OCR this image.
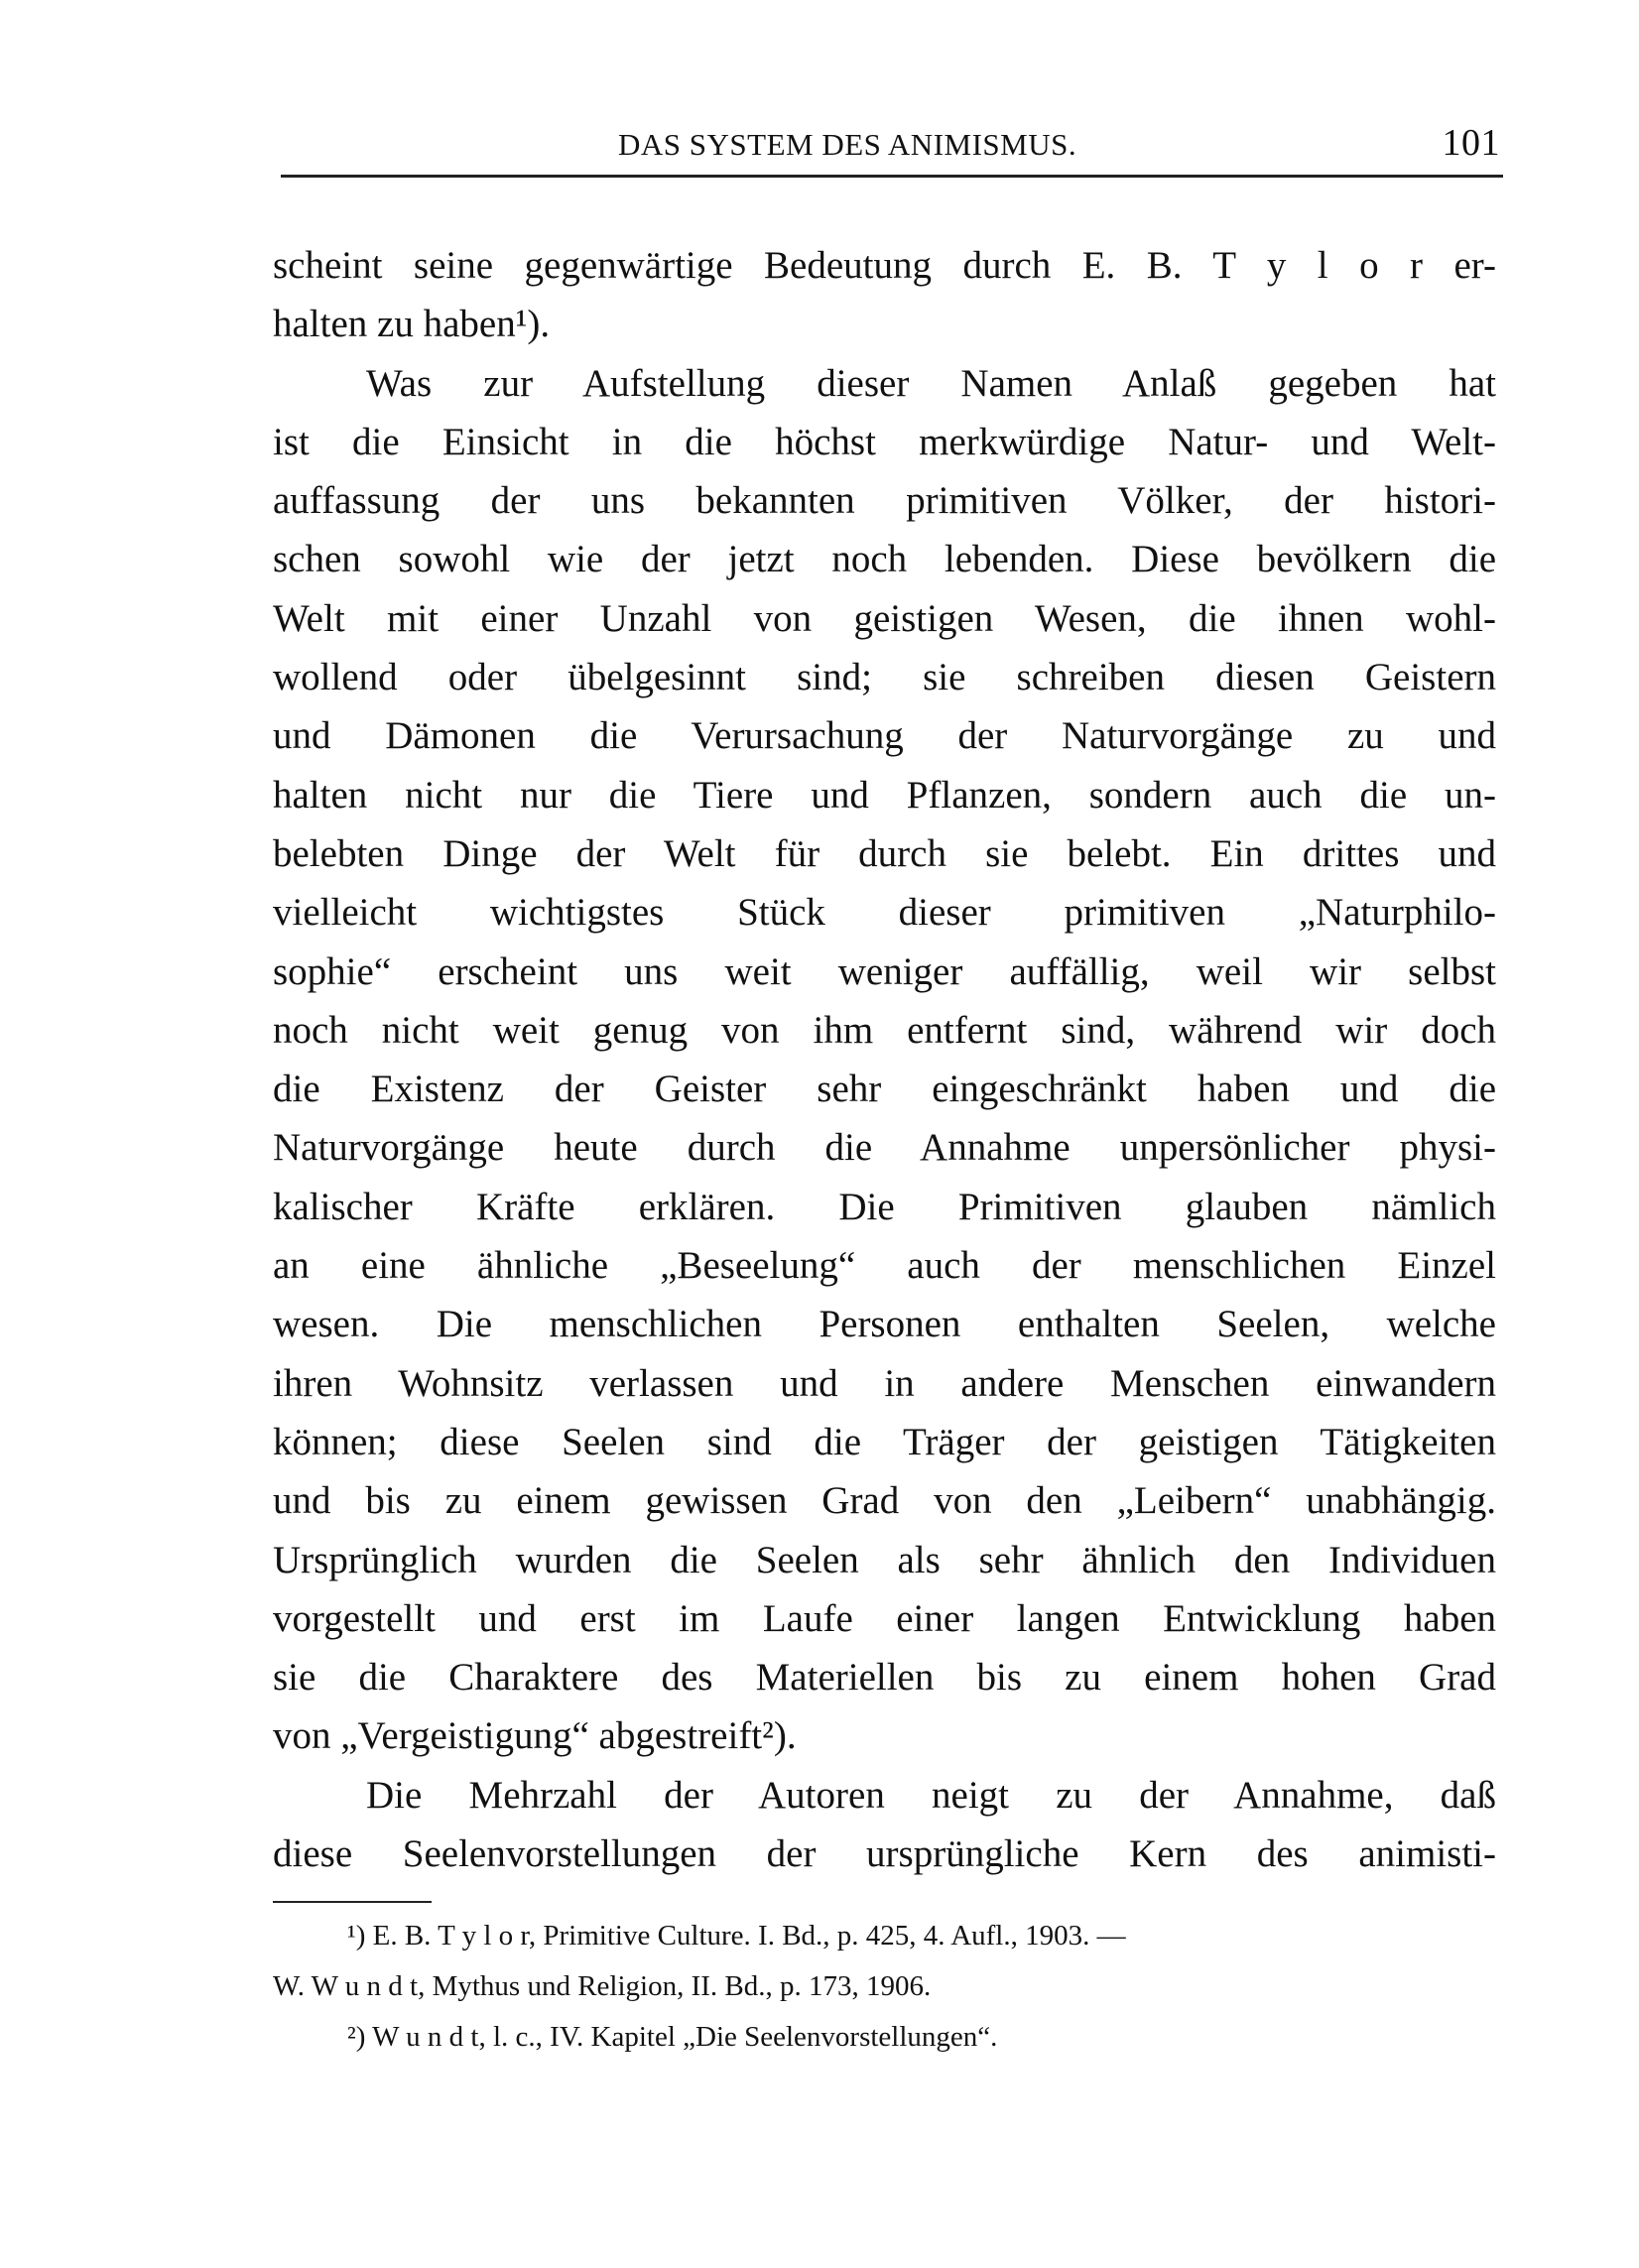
DAS SYSTEM DES ANIMISMUS.	101
scheint seine gegenwärtige Bedeutung durch E. B. T y l o r er-
halten zu haben¹).
Was zur Aufstellung dieser Namen Anlaß gegeben hat
ist die Einsicht in die höchst merkwürdige Natur- und Welt-
auffassung der uns bekannten primitiven Völker, der histori-
schen sowohl wie der jetzt noch lebenden. Diese bevölkern die
Welt mit einer Unzahl von geistigen Wesen, die ihnen wohl-
wollend oder übelgesinnt sind; sie schreiben diesen Geistern
und Dämonen die Verursachung der Naturvorgänge zu und
halten nicht nur die Tiere und Pflanzen, sondern auch die un-
belebten Dinge der Welt für durch sie belebt. Ein drittes und
vielleicht wichtigstes Stück dieser primitiven „Naturphilo-
sophie“ erscheint uns weit weniger auffällig, weil wir selbst
noch nicht weit genug von ihm entfernt sind, während wir doch
die Existenz der Geister sehr eingeschränkt haben und die
Naturvorgänge heute durch die Annahme unpersönlicher physi-
kalischer Kräfte erklären. Die Primitiven glauben nämlich
an eine ähnliche „Beseelung“ auch der menschlichen Einzel
wesen. Die menschlichen Personen enthalten Seelen, welche
ihren Wohnsitz verlassen und in andere Menschen einwandern
können; diese Seelen sind die Träger der geistigen Tätigkeiten
und bis zu einem gewissen Grad von den „Leibern“ unabhängig.
Ursprünglich wurden die Seelen als sehr ähnlich den Individuen
vorgestellt und erst im Laufe einer langen Entwicklung haben
sie die Charaktere des Materiellen bis zu einem hohen Grad
von „Vergeistigung“ abgestreift²).
Die Mehrzahl der Autoren neigt zu der Annahme, daß
diese Seelenvorstellungen der ursprüngliche Kern des animisti-
¹) E. B. T y l o r, Primitive Culture. I. Bd., p. 425, 4. Aufl., 1903. —
W. W u n d t, Mythus und Religion, II. Bd., p. 173, 1906.
²) W u n d t, l. c., IV. Kapitel „Die Seelenvorstellungen“.
